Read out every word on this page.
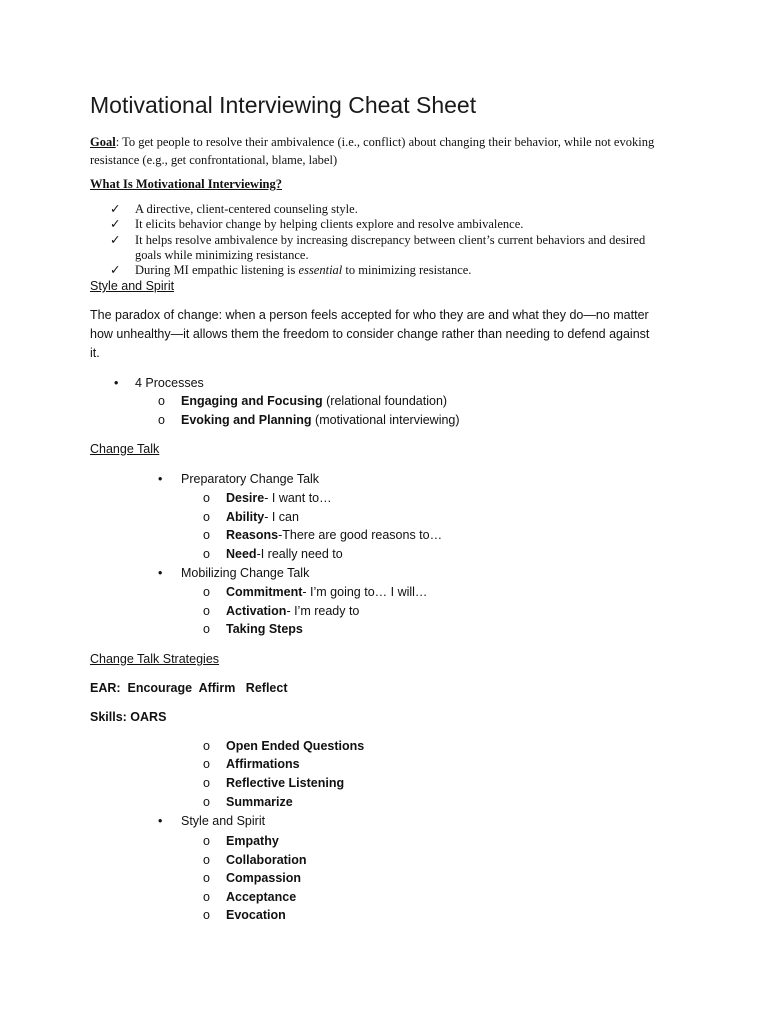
Motivational Interviewing Cheat Sheet
Goal: To get people to resolve their ambivalence (i.e., conflict) about changing their behavior, while not evoking resistance (e.g., get confrontational, blame, label)
What Is Motivational Interviewing?
✓ A directive, client-centered counseling style.
✓ It elicits behavior change by helping clients explore and resolve ambivalence.
✓ It helps resolve ambivalence by increasing discrepancy between client’s current behaviors and desired
goals while minimizing resistance.
✓ During MI empathic listening is essential to minimizing resistance.
Style and Spirit
The paradox of change: when a person feels accepted for who they are and what they do—no matter
how unhealthy—it allows them the freedom to consider change rather than needing to defend against
it.
• 4 Processes
o Engaging and Focusing (relational foundation)
o Evoking and Planning (motivational interviewing)
Change Talk
• Preparatory Change Talk
o Desire- I want to…
o Ability- I can
o Reasons-There are good reasons to…
o Need-I really need to
• Mobilizing Change Talk
o Commitment- I’m going to… I will…
o Activation- I’m ready to
o Taking Steps
Change Talk Strategies
EAR:  Encourage  Affirm   Reflect
Skills: OARS
o Open Ended Questions
o Affirmations
o Reflective Listening
o Summarize
• Style and Spirit
o Empathy
o Collaboration
o Compassion
o Acceptance
o Evocation
